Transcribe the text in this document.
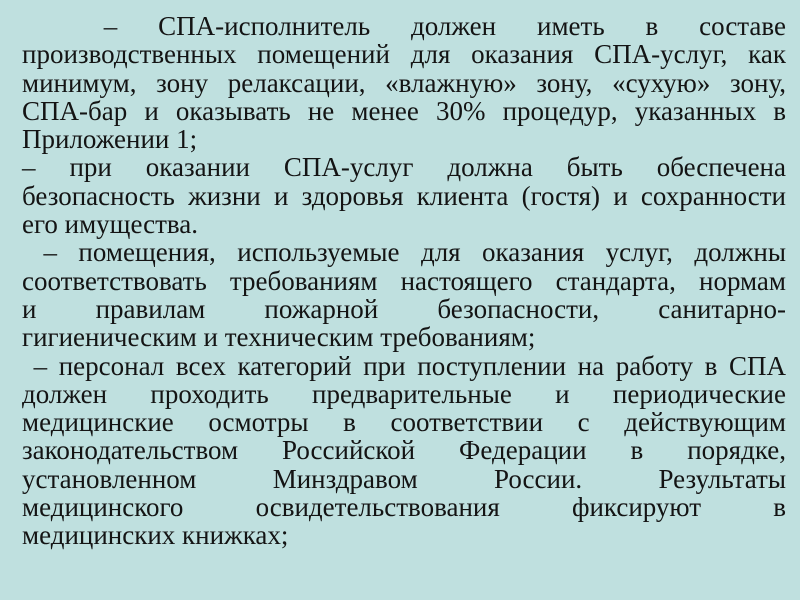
–   СПА-исполнитель   должен   иметь   в   составе
производственных помещений для оказания СПА-услуг, как
минимум, зону релаксации, «влажную» зону, «сухую» зону,
СПА-бар и оказывать не менее 30% процедур, указанных в
Приложении 1;
– при оказании СПА-услуг должна быть обеспечена
безопасность жизни и здоровья клиента (гостя) и сохранности
его имущества.
– помещения, используемые для оказания услуг, должны
соответствовать требованиям настоящего стандарта, нормам
и правилам пожарной безопасности, санитарно-
гигиеническим и техническим требованиям;
– персонал всех категорий при поступлении на работу в СПА
должен проходить предварительные и периодические
медицинские осмотры в соответствии с действующим
законодательством Российской Федерации в порядке,
установленном Минздравом России. Результаты
медицинского освидетельствования фиксируют в
медицинских книжках;
